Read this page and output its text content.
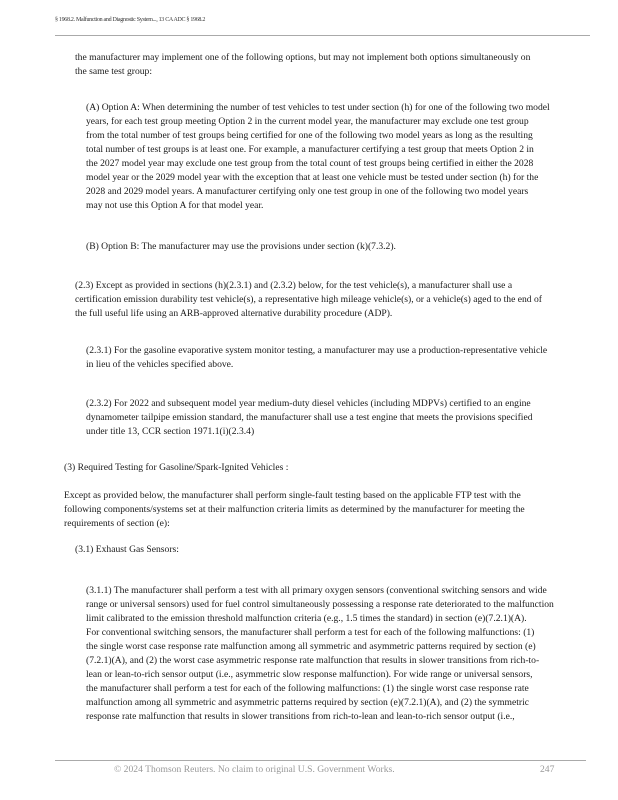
§ 1968.2. Malfunction and Diagnostic System..., 13 CA ADC § 1968.2
the manufacturer may implement one of the following options, but may not implement both options simultaneously on
the same test group:
(A) Option A: When determining the number of test vehicles to test under section (h) for one of the following two model
years, for each test group meeting Option 2 in the current model year, the manufacturer may exclude one test group
from the total number of test groups being certified for one of the following two model years as long as the resulting
total number of test groups is at least one. For example, a manufacturer certifying a test group that meets Option 2 in
the 2027 model year may exclude one test group from the total count of test groups being certified in either the 2028
model year or the 2029 model year with the exception that at least one vehicle must be tested under section (h) for the
2028 and 2029 model years. A manufacturer certifying only one test group in one of the following two model years
may not use this Option A for that model year.
(B) Option B: The manufacturer may use the provisions under section (k)(7.3.2).
(2.3) Except as provided in sections (h)(2.3.1) and (2.3.2) below, for the test vehicle(s), a manufacturer shall use a
certification emission durability test vehicle(s), a representative high mileage vehicle(s), or a vehicle(s) aged to the end of
the full useful life using an ARB-approved alternative durability procedure (ADP).
(2.3.1) For the gasoline evaporative system monitor testing, a manufacturer may use a production-representative vehicle
in lieu of the vehicles specified above.
(2.3.2) For 2022 and subsequent model year medium-duty diesel vehicles (including MDPVs) certified to an engine
dynamometer tailpipe emission standard, the manufacturer shall use a test engine that meets the provisions specified
under title 13, CCR section 1971.1(i)(2.3.4)
(3) Required Testing for Gasoline/Spark-Ignited Vehicles :
Except as provided below, the manufacturer shall perform single-fault testing based on the applicable FTP test with the
following components/systems set at their malfunction criteria limits as determined by the manufacturer for meeting the
requirements of section (e):
(3.1) Exhaust Gas Sensors:
(3.1.1) The manufacturer shall perform a test with all primary oxygen sensors (conventional switching sensors and wide
range or universal sensors) used for fuel control simultaneously possessing a response rate deteriorated to the malfunction
limit calibrated to the emission threshold malfunction criteria (e.g., 1.5 times the standard) in section (e)(7.2.1)(A).
For conventional switching sensors, the manufacturer shall perform a test for each of the following malfunctions: (1)
the single worst case response rate malfunction among all symmetric and asymmetric patterns required by section (e)
(7.2.1)(A), and (2) the worst case asymmetric response rate malfunction that results in slower transitions from rich-to-
lean or lean-to-rich sensor output (i.e., asymmetric slow response malfunction). For wide range or universal sensors,
the manufacturer shall perform a test for each of the following malfunctions: (1) the single worst case response rate
malfunction among all symmetric and asymmetric patterns required by section (e)(7.2.1)(A), and (2) the symmetric
response rate malfunction that results in slower transitions from rich-to-lean and lean-to-rich sensor output (i.e.,
© 2024 Thomson Reuters. No claim to original U.S. Government Works.	247
